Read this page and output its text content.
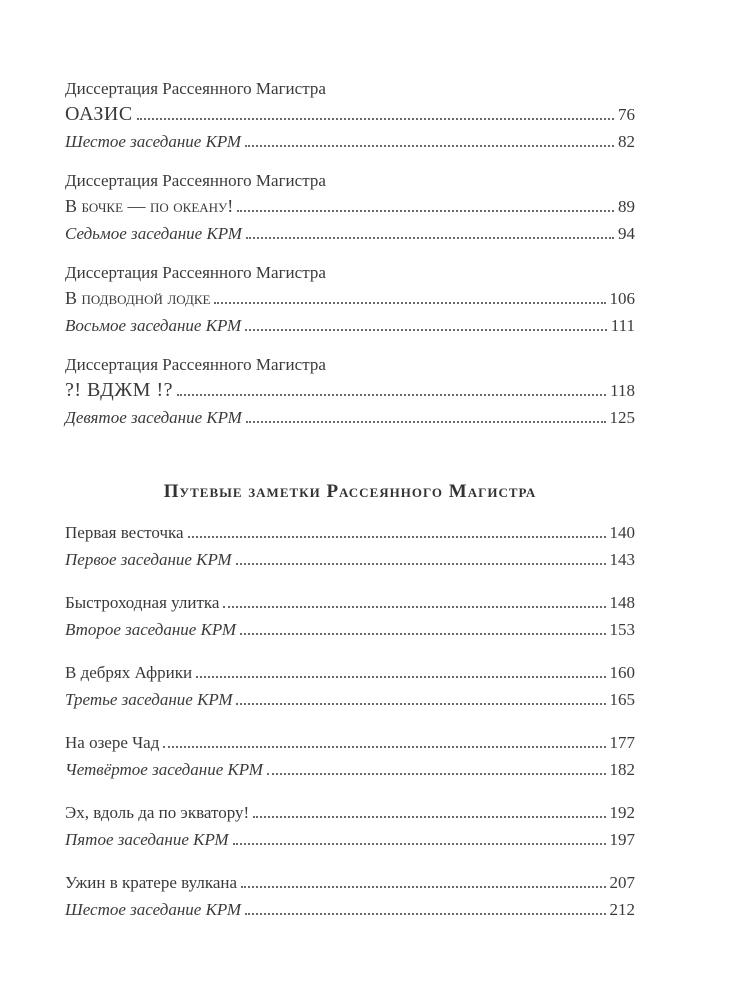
Диссертация Рассеянного Магистра
ОАЗИС	76
Шестое заседание КРМ	82
Диссертация Рассеянного Магистра
В бочке — по океану!	89
Седьмое заседание КРМ	94
Диссертация Рассеянного Магистра
В подводной лодке	106
Восьмое заседание КРМ	111
Диссертация Рассеянного Магистра
?! ВДЖМ !?	118
Девятое заседание КРМ	125
Путевые заметки Рассеянного Магистра
Первая весточка	140
Первое заседание КРМ	143
Быстроходная улитка	148
Второе заседание КРМ	153
В дебрях Африки	160
Третье заседание КРМ	165
На озере Чад	177
Четвёртое заседание КРМ	182
Эх, вдоль да по экватору!	192
Пятое заседание КРМ	197
Ужин в кратере вулкана	207
Шестое заседание КРМ	212
